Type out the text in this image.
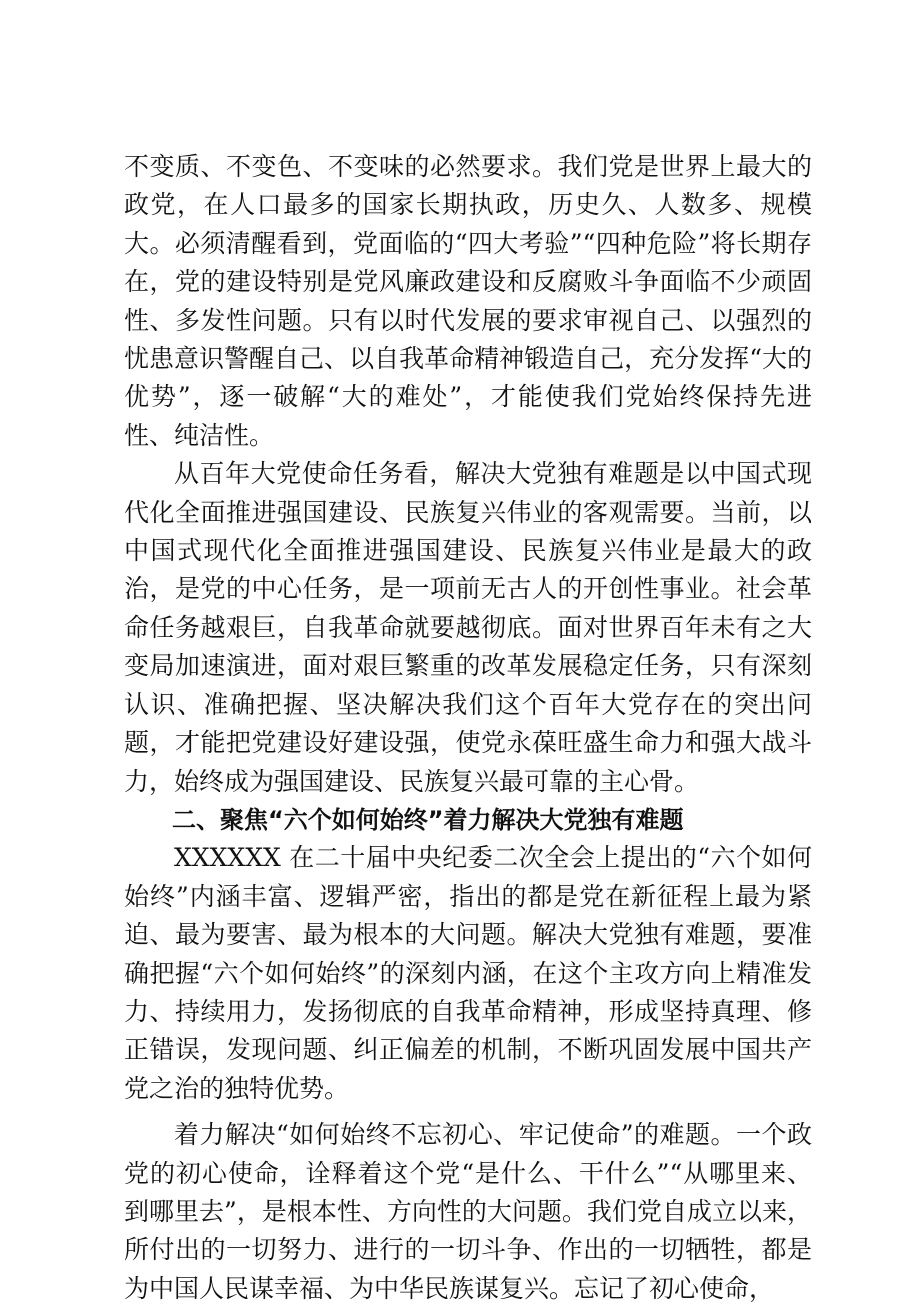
不变质、不变色、不变味的必然要求。我们党是世界上最大的政党，在人口最多的国家长期执政，历史久、人数多、规模大。必须清醒看到，党面临的“四大考验”“四种危险”将长期存在，党的建设特别是党风廉政建设和反腐败斗争面临不少顽固性、多发性问题。只有以时代发展的要求审视自己、以强烈的忧患意识警醒自己、以自我革命精神锻造自己，充分发挥“大的优势”，逐一破解“大的难处”，才能使我们党始终保持先进性、纯洁性。

从百年大党使命任务看，解决大党独有难题是以中国式现代化全面推进强国建设、民族复兴伟业的客观需要。当前，以中国式现代化全面推进强国建设、民族复兴伟业是最大的政治，是党的中心任务，是一项前无古人的开创性事业。社会革命任务越艰巨，自我革命就要越彻底。面对世界百年未有之大变局加速演进，面对艰巨繁重的改革发展稳定任务，只有深刻认识、准确把握、坚决解决我们这个百年大党存在的突出问题，才能把党建设好建设强，使党永葆旺盛生命力和强大战斗力，始终成为强国建设、民族复兴最可靠的主心骨。

二、聚焦“六个如何始终”着力解决大党独有难题

XXXXXX 在二十届中央纪委二次全会上提出的“六个如何始终”内涵丰富、逻辑严密，指出的都是党在新征程上最为紧迫、最为要害、最为根本的大问题。解决大党独有难题，要准确把握“六个如何始终”的深刻内涵，在这个主攻方向上精准发力、持续用力，发扬彻底的自我革命精神，形成坚持真理、修正错误，发现问题、纠正偏差的机制，不断巩固发展中国共产党之治的独特优势。

着力解决“如何始终不忘初心、牢记使命”的难题。一个政党的初心使命，诠释着这个党“是什么、干什么”“从哪里来、到哪里去”，是根本性、方向性的大问题。我们党自成立以来，所付出的一切努力、进行的一切斗争、作出的一切牺牲，都是为中国人民谋幸福、为中华民族谋复兴。忘记了初心使命，
